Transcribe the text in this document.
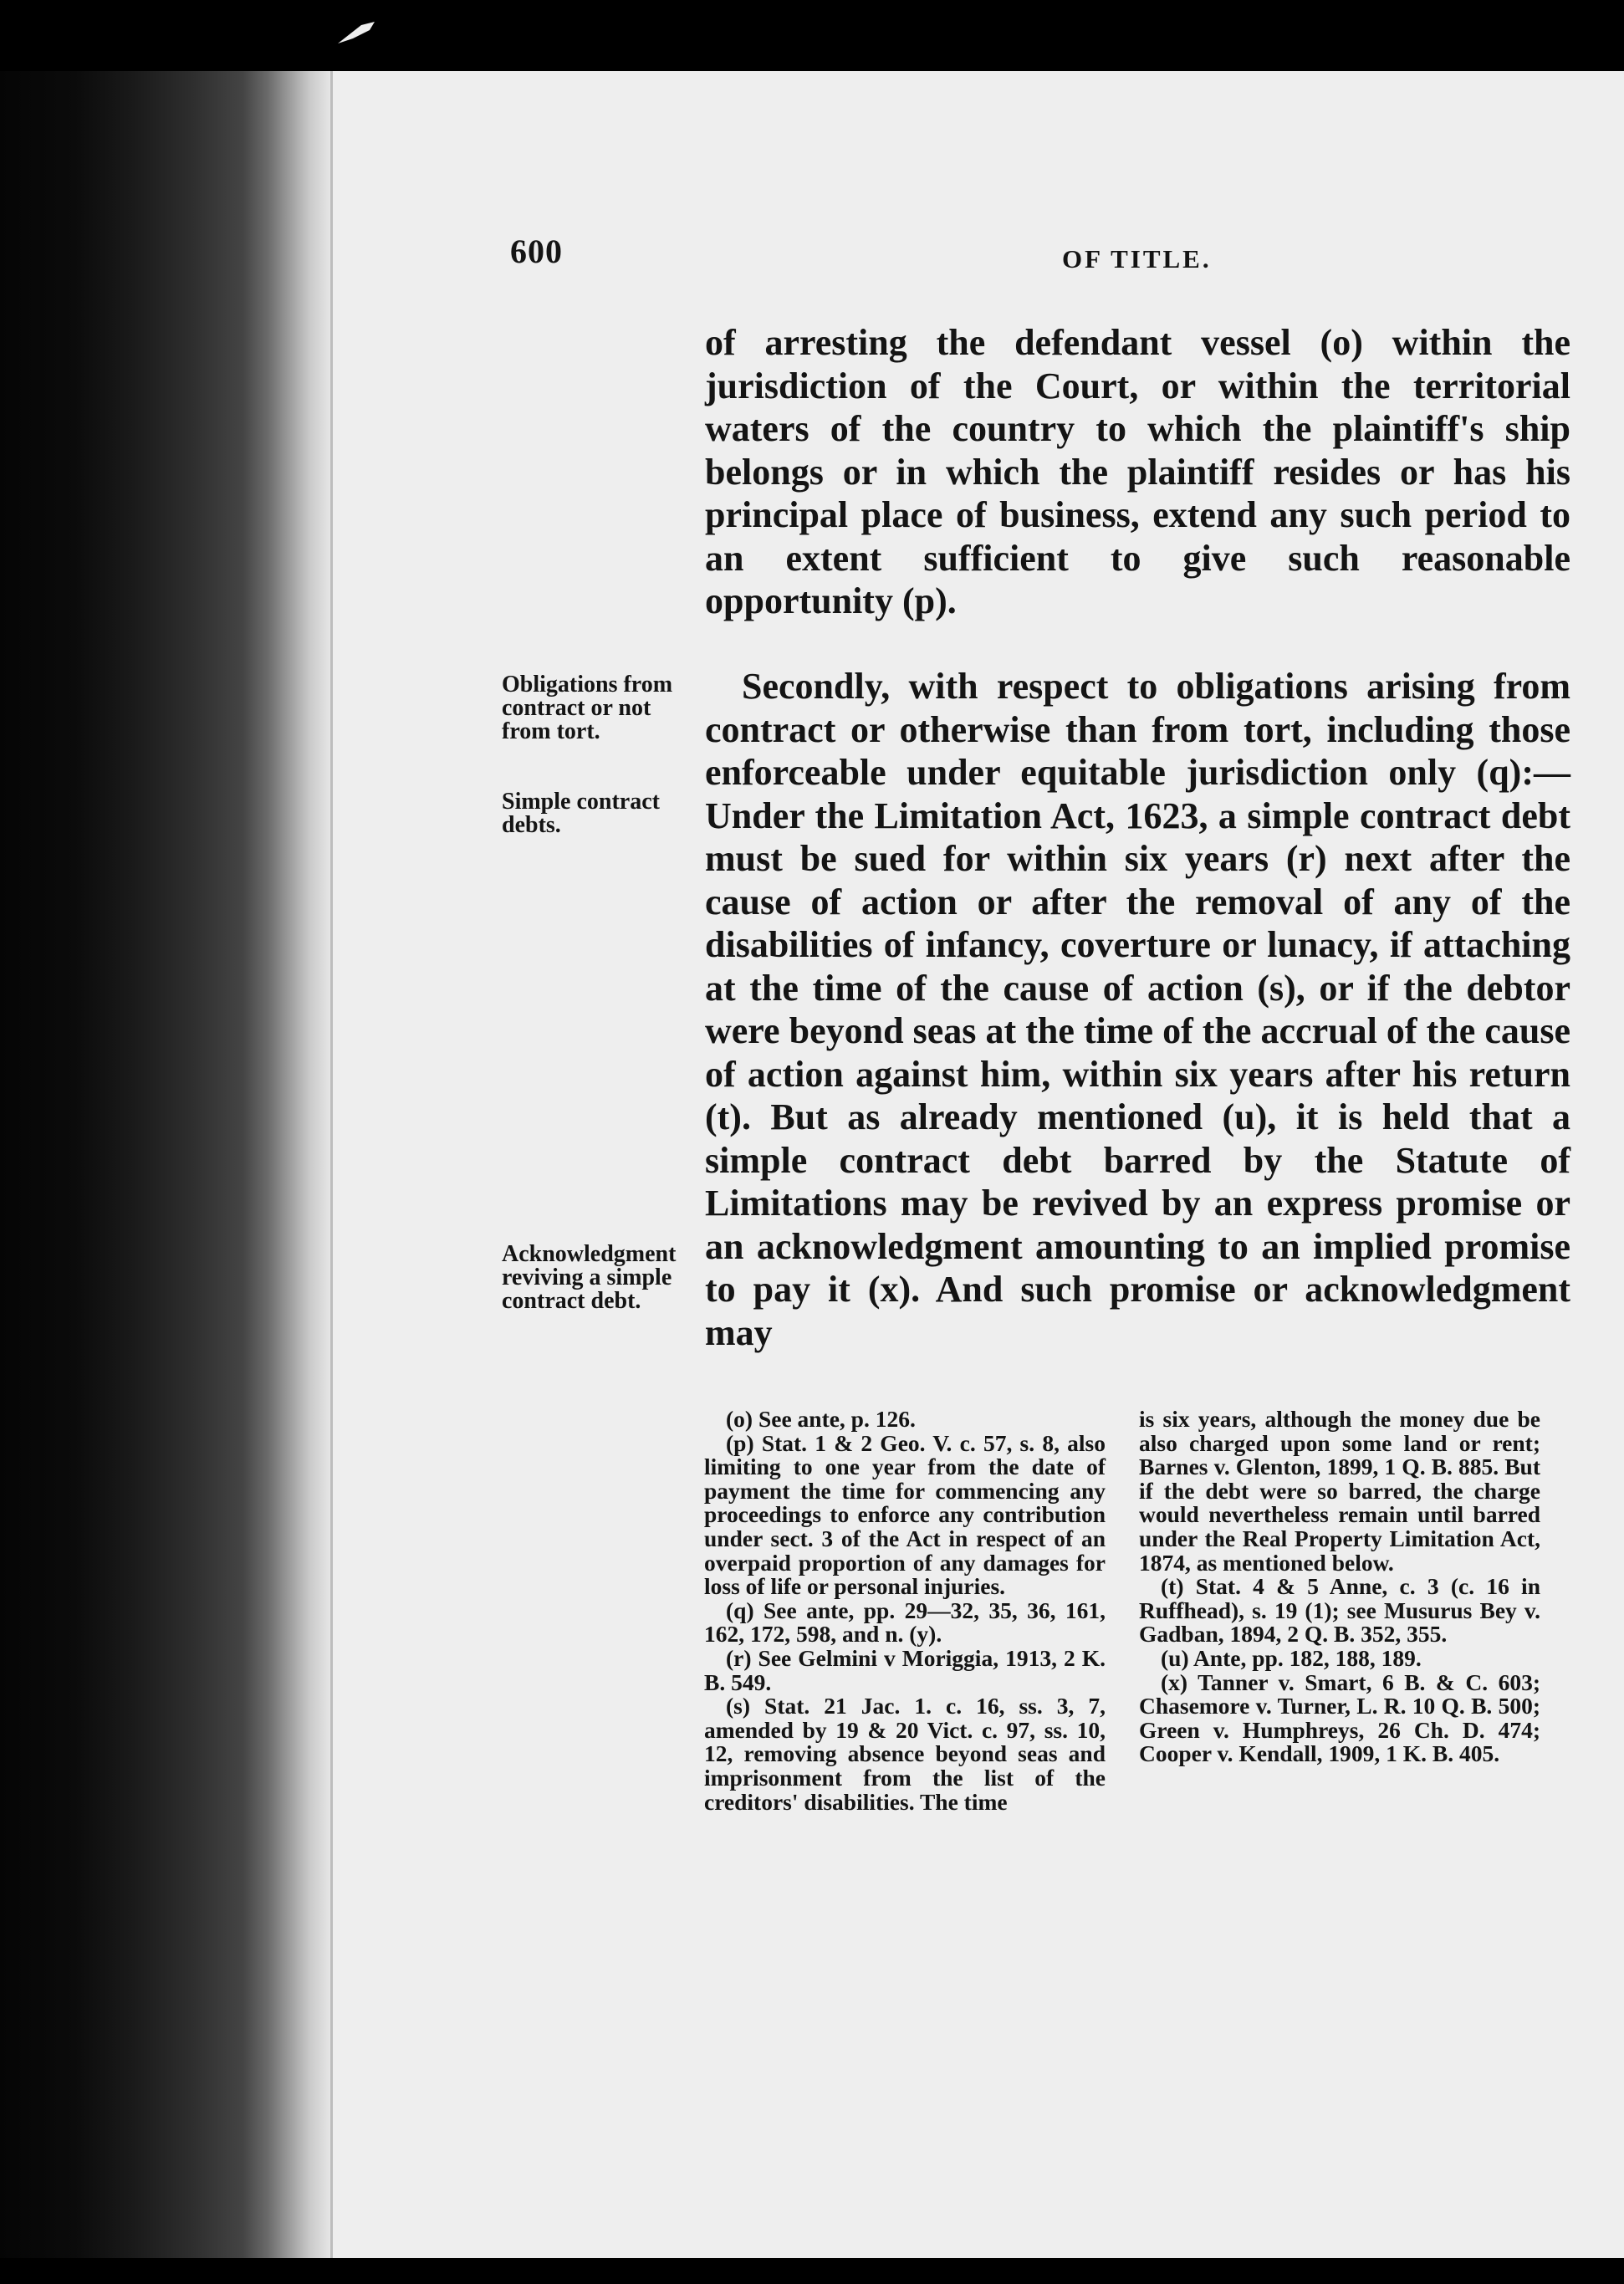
600	OF TITLE.
of arresting the defendant vessel (o) within the jurisdiction of the Court, or within the territorial waters of the country to which the plaintiff's ship belongs or in which the plaintiff resides or has his principal place of business, extend any such period to an extent sufficient to give such reasonable opportunity (p).
Secondly, with respect to obligations arising from contract or otherwise than from tort, including those enforceable under equitable jurisdiction only (q):— Under the Limitation Act, 1623, a simple contract debt must be sued for within six years (r) next after the cause of action or after the removal of any of the disabilities of infancy, coverture or lunacy, if attaching at the time of the cause of action (s), or if the debtor were beyond seas at the time of the accrual of the cause of action against him, within six years after his return (t). But as already mentioned (u), it is held that a simple contract debt barred by the Statute of Limitations may be revived by an express promise or an acknowledgment amounting to an implied promise to pay it (x). And such promise or acknowledgment may
Obligations from contract or not from tort.
Simple contract debts.
Acknowledgment reviving a simple contract debt.

(o) See ante, p. 126.

(p) Stat. 1 & 2 Geo. V. c. 57, s. 8, also limiting to one year from the date of payment the time for commencing any proceedings to enforce any contribution under sect. 3 of the Act in respect of an overpaid proportion of any damages for loss of life or personal injuries.

(q) See ante, pp. 29—32, 35, 36, 161, 162, 172, 598, and n. (y).

(r) See Gelmini v Moriggia, 1913, 2 K. B. 549.

(s) Stat. 21 Jac. 1. c. 16, ss. 3, 7, amended by 19 & 20 Vict. c. 97, ss. 10, 12, removing absence beyond seas and imprisonment from the list of the creditors' disabilities. The time

is six years, although the money due be also charged upon some land or rent; Barnes v. Glenton, 1899, 1 Q. B. 885. But if the debt were so barred, the charge would nevertheless remain until barred under the Real Property Limitation Act, 1874, as mentioned below.

(t) Stat. 4 & 5 Anne, c. 3 (c. 16 in Ruffhead), s. 19 (1); see Musurus Bey v. Gadban, 1894, 2 Q. B. 352, 355.

(u) Ante, pp. 182, 188, 189.

(x) Tanner v. Smart, 6 B. & C. 603; Chasemore v. Turner, L. R. 10 Q. B. 500; Green v. Humphreys, 26 Ch. D. 474; Cooper v. Kendall, 1909, 1 K. B. 405.
